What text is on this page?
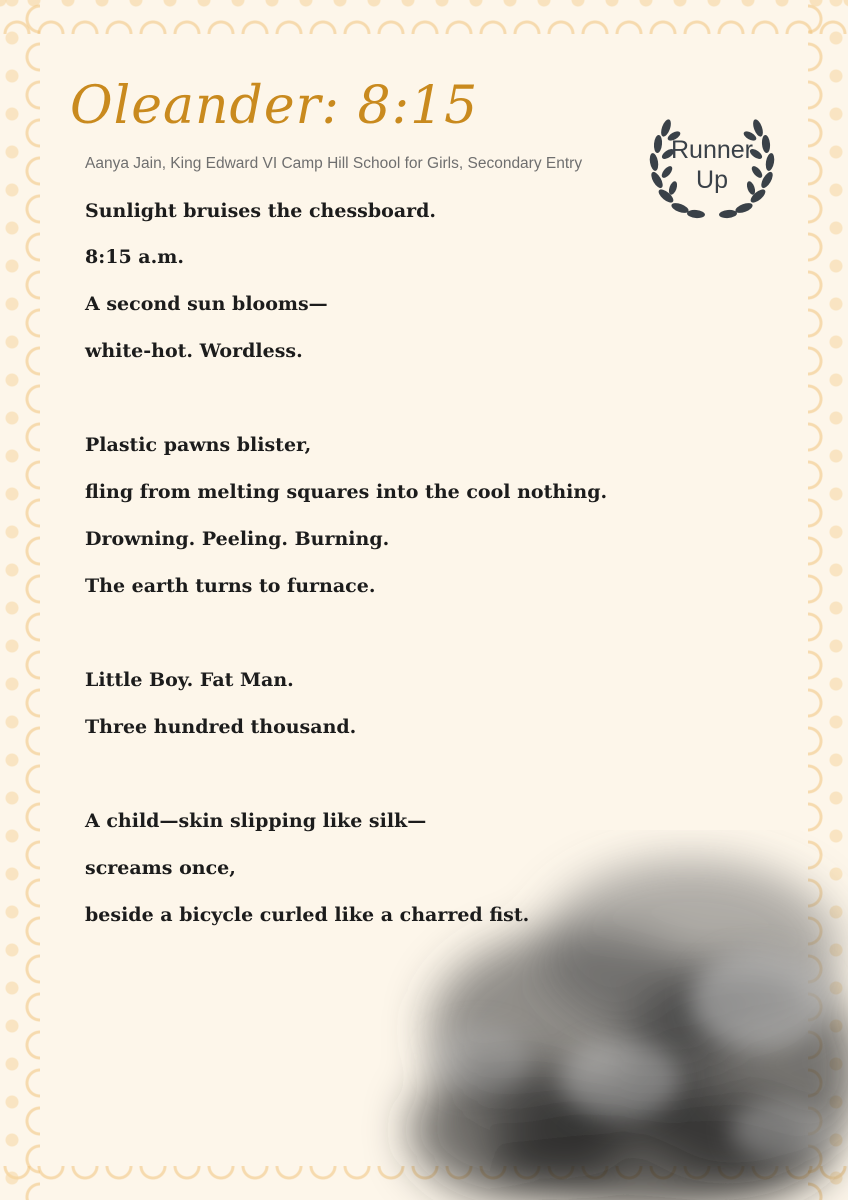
Oleander: 8:15
Aanya Jain, King Edward VI Camp Hill School for Girls, Secondary Entry	Runner
Up
Sunlight bruises the chessboard.
8:15 a.m.
A second sun blooms—
white-hot. Wordless.
Plastic pawns blister,
fling from melting squares into the cool nothing.
Drowning. Peeling. Burning.
The earth turns to furnace.
Little Boy. Fat Man.
Three hundred thousand.
A child—skin slipping like silk—
screams once,
beside a bicycle curled like a charred fist.
